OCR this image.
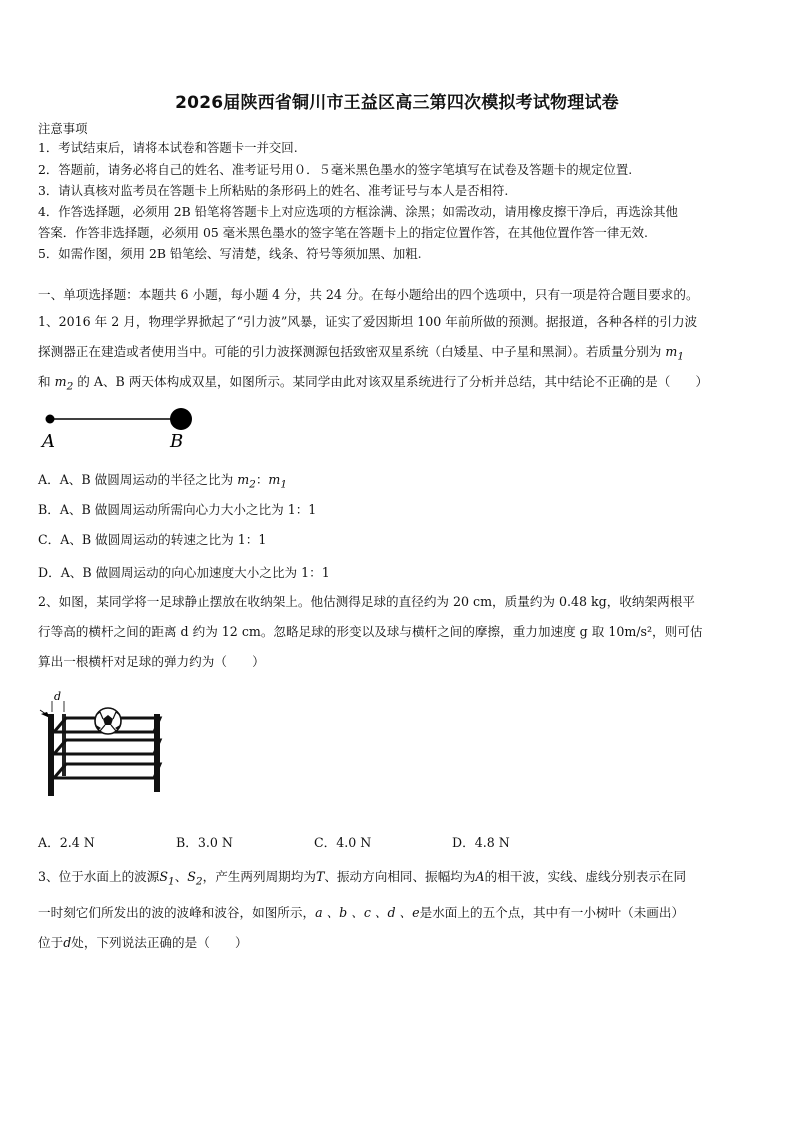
2026届陕西省铜川市王益区高三第四次模拟考试物理试卷
注意事项
1．考试结束后，请将本试卷和答题卡一并交回.
2．答题前，请务必将自己的姓名、准考证号用０．５毫米黑色墨水的签字笔填写在试卷及答题卡的规定位置.
3．请认真核对监考员在答题卡上所粘贴的条形码上的姓名、准考证号与本人是否相符.
4．作答选择题，必须用 2B 铅笔将答题卡上对应选项的方框涂满、涂黑；如需改动，请用橡皮擦干净后，再选涂其他
答案．作答非选择题，必须用 05 毫米黑色墨水的签字笔在答题卡上的指定位置作答，在其他位置作答一律无效.
5．如需作图，须用 2B 铅笔绘、写清楚，线条、符号等须加黑、加粗.
一、单项选择题：本题共 6 小题，每小题 4 分，共 24 分。在每小题给出的四个选项中，只有一项是符合题目要求的。
1、2016 年 2 月，物理学界掀起了“引力波”风暴，证实了爱因斯坦 100 年前所做的预测。据报道，各种各样的引力波
探测器正在建造或者使用当中。可能的引力波探测源包括致密双星系统（白矮星、中子星和黑洞）。若质量分别为 $m_1$
和 $m_2$ 的 A、B 两天体构成双星，如图所示。某同学由此对该双星系统进行了分析并总结，其中结论不正确的是（　　）
A	B
A．A、B 做圆周运动的半径之比为 $m_2$：$m_1$
B．A、B 做圆周运动所需向心力大小之比为 1：1
C．A、B 做圆周运动的转速之比为 1：1
D．A、B 做圆周运动的向心加速度大小之比为 1：1
2、如图，某同学将一足球静止摆放在收纳架上。他估测得足球的直径约为 20 cm，质量约为 0.48 kg，收纳架两根平
行等高的横杆之间的距离 d 约为 12 cm。忽略足球的形变以及球与横杆之间的摩擦，重力加速度 g 取 10m/s²，则可估
算出一根横杆对足球的弹力约为（　　）
d
A．2.4 N	B．3.0 N	C．4.0 N	D．4.8 N
3、位于水面上的波源$S_1$、$S_2$，产生两列周期均为T、振动方向相同、振幅均为A的相干波，实线、虚线分别表示在同
一时刻它们所发出的波的波峰和波谷，如图所示，a 、b 、c 、d 、e是水面上的五个点，其中有一小树叶（未画出）
位于d处，下列说法正确的是（　　）
